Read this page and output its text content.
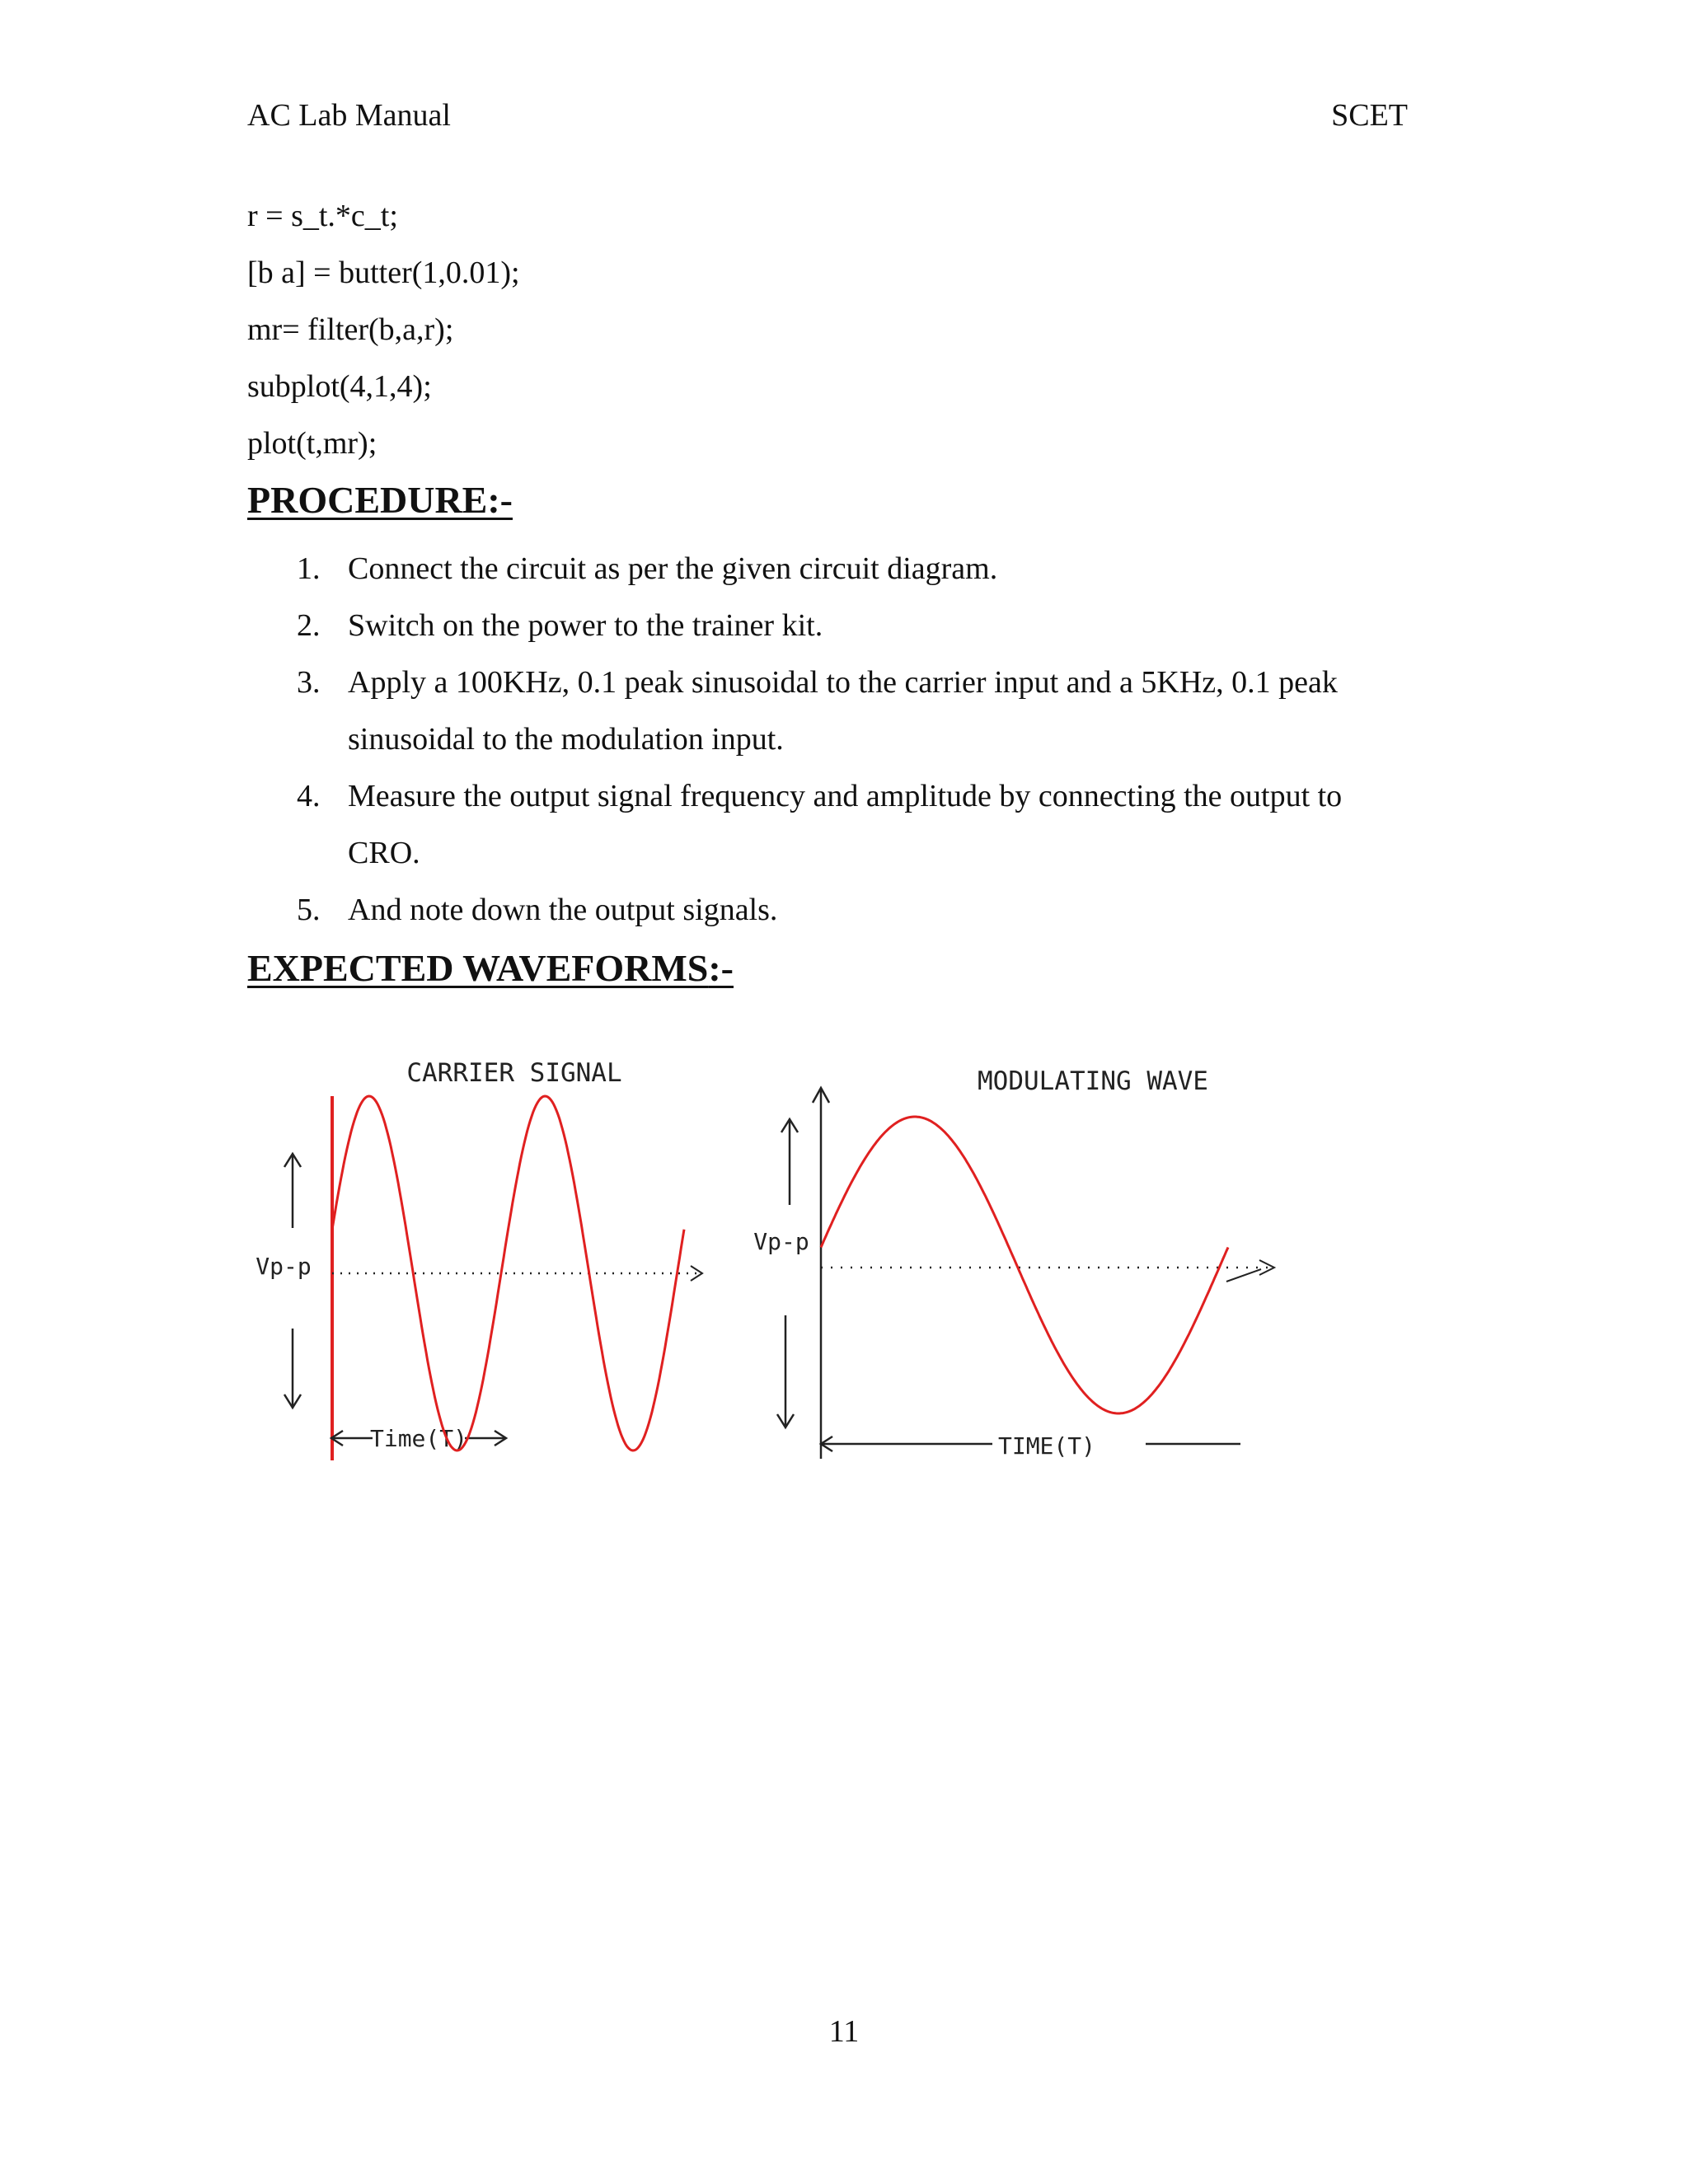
AC Lab Manual	SCET
r = s_t.*c_t;
[b a] = butter(1,0.01);
mr= filter(b,a,r);
subplot(4,1,4);
plot(t,mr);
PROCEDURE:-
1. Connect the circuit as per the given circuit diagram.
2. Switch on the power to the trainer kit.
3. Apply a 100KHz, 0.1 peak sinusoidal to the carrier input and a 5KHz, 0.1 peak
sinusoidal to the modulation input.
4. Measure the output signal frequency and amplitude by connecting the output to
CRO.
5. And note down the output signals.
EXPECTED WAVEFORMS:-
CARRIER SIGNAL
Vp-p
Time(T)
MODULATING WAVE
Vp-p
TIME(T)
11
